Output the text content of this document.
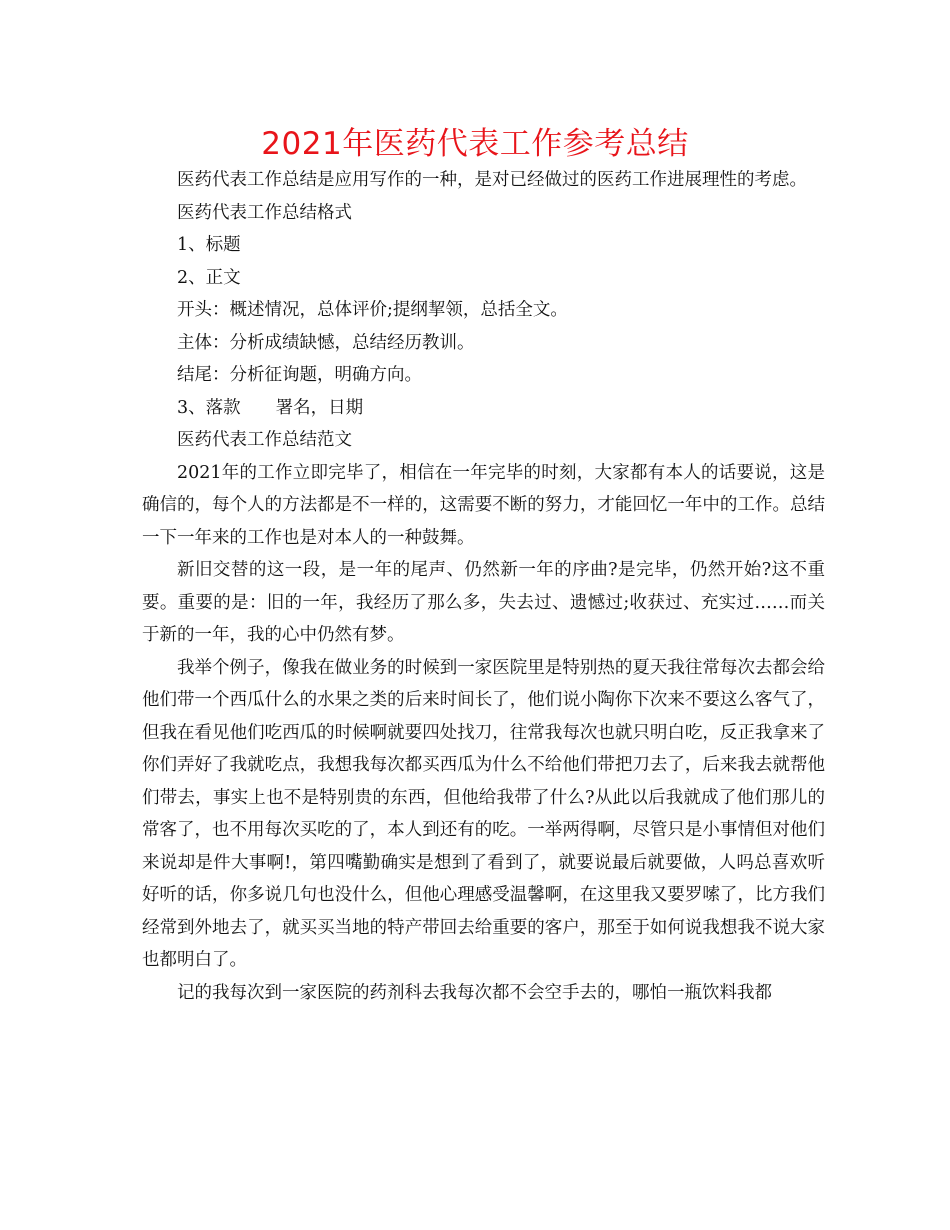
2021年医药代表工作参考总结

医药代表工作总结是应用写作的一种，是对已经做过的医药工作进展理性的考虑。

医药代表工作总结格式

1、标题

2、正文

开头：概述情况，总体评价;提纲挈领，总括全文。

主体：分析成绩缺憾，总结经历教训。

结尾：分析征询题，明确方向。

3、落款　　署名，日期

医药代表工作总结范文

2021年的工作立即完毕了，相信在一年完毕的时刻，大家都有本人的话要说，这是确信的，每个人的方法都是不一样的，这需要不断的努力，才能回忆一年中的工作。总结一下一年来的工作也是对本人的一种鼓舞。

新旧交替的这一段，是一年的尾声、仍然新一年的序曲?是完毕，仍然开始?这不重要。重要的是：旧的一年，我经历了那么多，失去过、遗憾过;收获过、充实过……而关于新的一年，我的心中仍然有梦。

我举个例子，像我在做业务的时候到一家医院里是特别热的夏天我往常每次去都会给他们带一个西瓜什么的水果之类的后来时间长了，他们说小陶你下次来不要这么客气了，但我在看见他们吃西瓜的时候啊就要四处找刀，往常我每次也就只明白吃，反正我拿来了你们弄好了我就吃点，我想我每次都买西瓜为什么不给他们带把刀去了，后来我去就帮他们带去，事实上也不是特别贵的东西，但他给我带了什么?从此以后我就成了他们那儿的常客了，也不用每次买吃的了，本人到还有的吃。一举两得啊，尽管只是小事情但对他们来说却是件大事啊!，第四嘴勤确实是想到了看到了，就要说最后就要做，人吗总喜欢听好听的话，你多说几句也没什么，但他心理感受温馨啊，在这里我又要罗嗦了，比方我们经常到外地去了，就买买当地的特产带回去给重要的客户，那至于如何说我想我不说大家也都明白了。

记的我每次到一家医院的药剂科去我每次都不会空手去的，哪怕一瓶饮料我都
